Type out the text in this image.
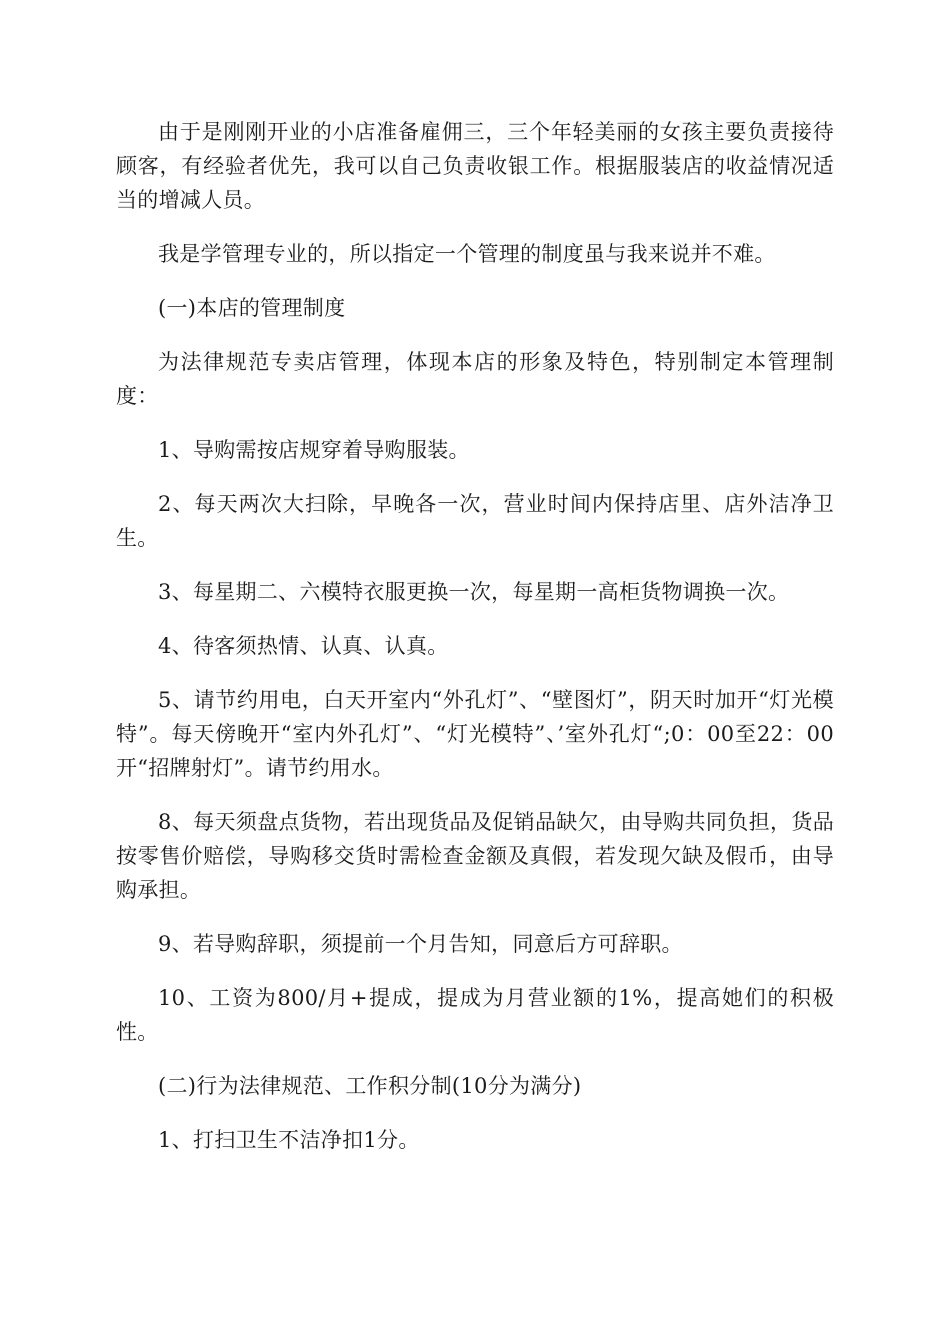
由于是刚刚开业的小店准备雇佣三，三个年轻美丽的女孩主要负责接待顾客，有经验者优先，我可以自己负责收银工作。根据服装店的收益情况适当的增减人员。

我是学管理专业的，所以指定一个管理的制度虽与我来说并不难。

(一)本店的管理制度

为法律规范专卖店管理，体现本店的形象及特色，特别制定本管理制度：

1、导购需按店规穿着导购服装。

2、每天两次大扫除，早晚各一次，营业时间内保持店里、店外洁净卫生。

3、每星期二、六模特衣服更换一次，每星期一高柜货物调换一次。

4、待客须热情、认真、认真。

5、请节约用电，白天开室内“外孔灯”、“壁图灯”，阴天时加开“灯光模特”。每天傍晚开“室内外孔灯”、“灯光模特”、’室外孔灯“;0：00至22：00开“招牌射灯”。请节约用水。

8、每天须盘点货物，若出现货品及促销品缺欠，由导购共同负担，货品按零售价赔偿，导购移交货时需检查金额及真假，若发现欠缺及假币，由导购承担。

9、若导购辞职，须提前一个月告知，同意后方可辞职。

10、工资为800/月+提成，提成为月营业额的1%，提高她们的积极性。

(二)行为法律规范、工作积分制(10分为满分)

1、打扫卫生不洁净扣1分。
